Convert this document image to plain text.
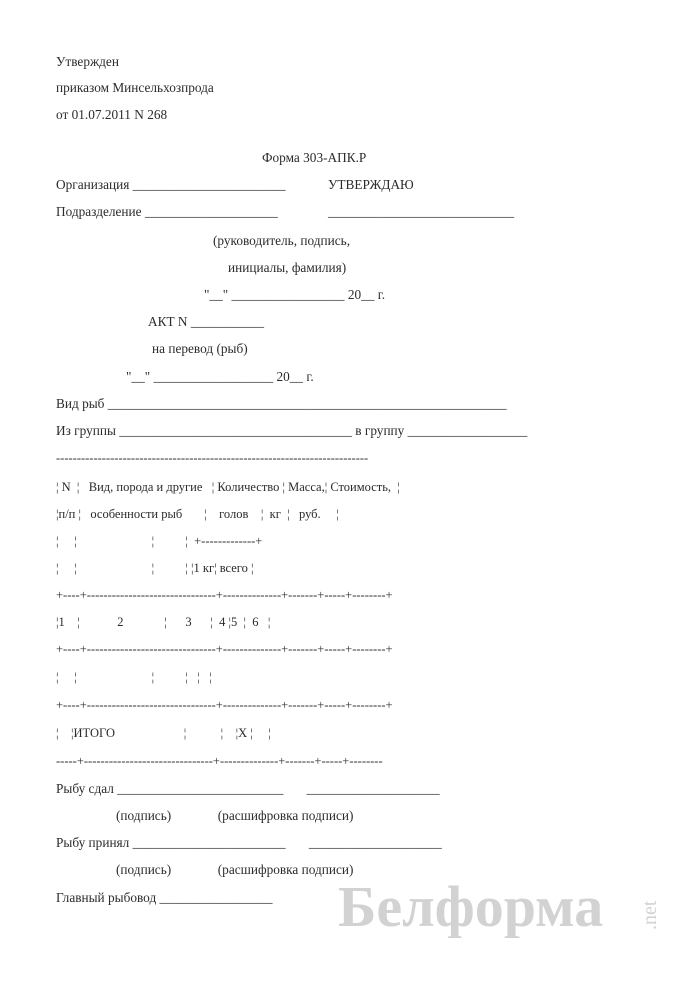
Утвержден
приказом Минсельхозпрода
от 01.07.2011 N 268
Форма 303-АПК.Р
Организация _______________________	УТВЕРЖДАЮ
Подразделение ____________________	____________________________
(руководитель, подпись,
инициалы, фамилия)
"__" _________________ 20__ г.
АКТ N ___________
на перевод (рыб)
"__" __________________ 20__ г.
Вид рыб ____________________________________________________________
Из группы ___________________________________ в группу __________________
---------------------------------------------------------------------------
¦ N  ¦   Вид, порода и другие   ¦ Количество ¦ Масса,¦ Стоимость,  ¦
¦п/п ¦   особенности рыб       ¦    голов    ¦  кг  ¦   руб.     ¦
¦     ¦                        ¦          ¦  +-------------+
¦     ¦                        ¦          ¦ ¦1 кг¦ всего ¦
+----+-------------------------------+--------------+-------+-----+--------+
¦1    ¦            2             ¦      3      ¦  4 ¦5  ¦  6   ¦
+----+-------------------------------+--------------+-------+-----+--------+
¦     ¦                        ¦          ¦   ¦   ¦
+----+-------------------------------+--------------+-------+-----+--------+
¦    ¦ИТОГО                      ¦           ¦    ¦Х ¦     ¦
-----+-------------------------------+--------------+-------+-----+--------
Рыбу сдал _________________________       ____________________
(подпись)              (расшифровка подписи)
Рыбу принял _______________________       ____________________
(подпись)              (расшифровка подписи)
Главный рыбовод _________________ Белформа .net
